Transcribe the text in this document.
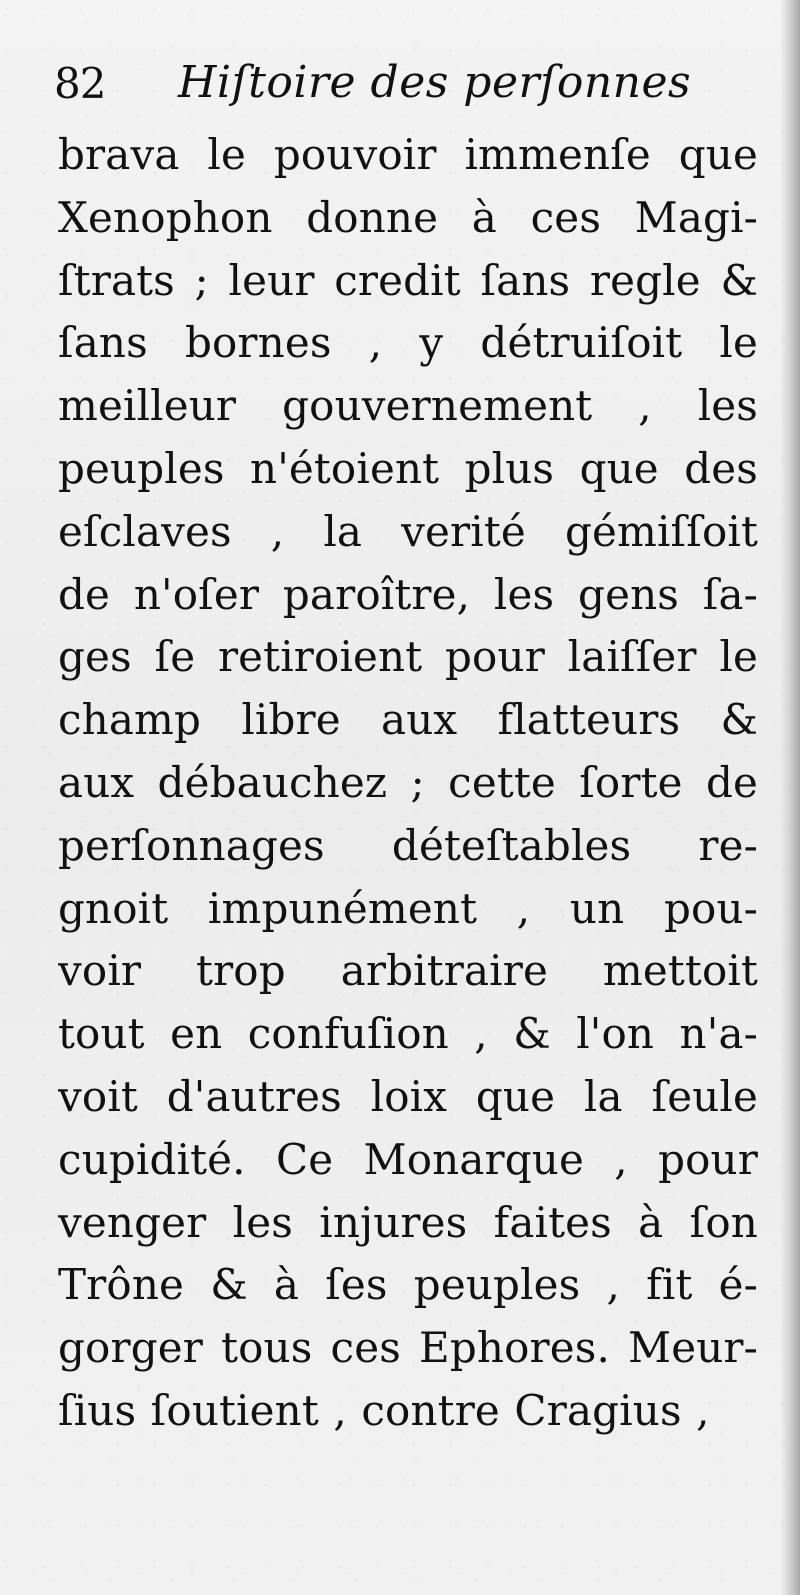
82 Hiſtoire des perſonnes
brava le pouvoir immenſe que
Xenophon donne à ces Magi-
ſtrats ; leur credit ſans regle &
ſans bornes , y détruiſoit le
meilleur gouvernement , les
peuples n'étoient plus que des
eſclaves , la verité gémiſſoit
de n'oſer paroître, les gens ſa-
ges ſe retiroient pour laiſſer le
champ libre aux flatteurs &
aux débauchez ; cette ſorte de
perſonnages déteſtables re-
gnoit impunément , un pou-
voir trop arbitraire mettoit
tout en confuſion , & l'on n'a-
voit d'autres loix que la ſeule
cupidité. Ce Monarque , pour
venger les injures faites à ſon
Trône & à ſes peuples , fit é-
gorger tous ces Ephores. Meur-
ſius ſoutient , contre Cragius ,
